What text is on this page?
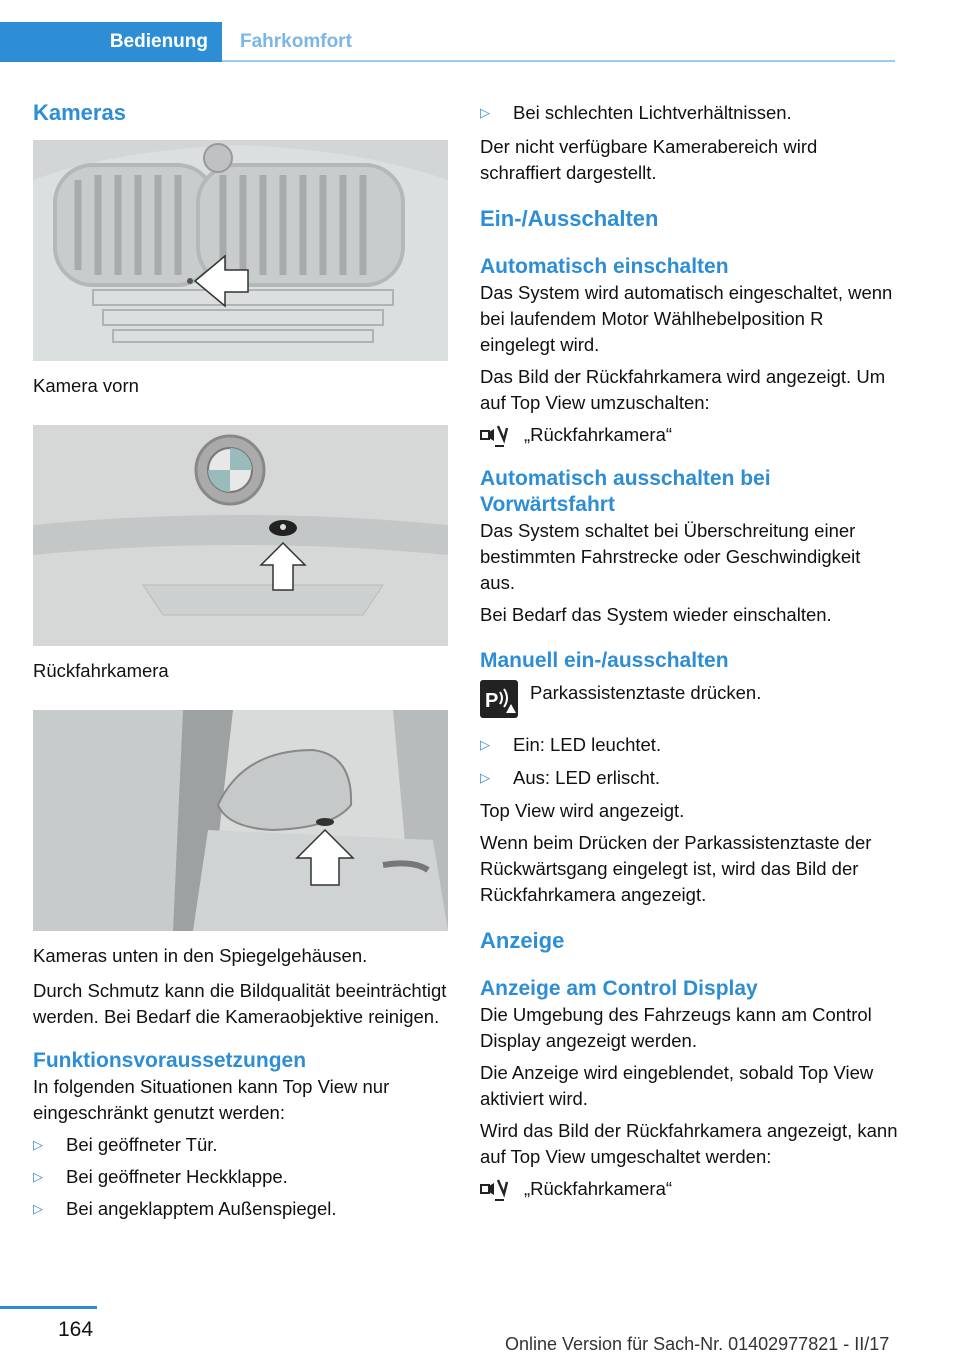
Bedienung	Fahrkomfort
Kameras
Kamera vorn
Rückfahrkamera
Kameras unten in den Spiegelgehäusen.

Durch Schmutz kann die Bildqualität beeinträchtigt werden. Bei Bedarf die Kameraobjektive reinigen.

Funktionsvoraussetzungen

In folgenden Situationen kann Top View nur eingeschränkt genutzt werden:

▷	Bei geöffneter Tür.
▷	Bei geöffneter Heckklappe.
▷	Bei angeklapptem Außenspiegel.
▷	Bei schlechten Lichtverhältnissen.

Der nicht verfügbare Kamerabereich wird schraffiert dargestellt.

Ein-/Ausschalten
Automatisch einschalten

Das System wird automatisch eingeschaltet, wenn bei laufendem Motor Wählhebelposition R eingelegt wird.

Das Bild der Rückfahrkamera wird angezeigt. Um auf Top View umzuschalten:

„Rückfahrkamera“
Automatisch ausschalten bei Vorwärtsfahrt

Das System schaltet bei Überschreitung einer bestimmten Fahrstrecke oder Geschwindigkeit aus.

Bei Bedarf das System wieder einschalten.

Manuell ein-/ausschalten
P Parkassistenztaste drücken.
▷	Ein: LED leuchtet.
▷	Aus: LED erlischt.

Top View wird angezeigt.

Wenn beim Drücken der Parkassistenztaste der Rückwärtsgang eingelegt ist, wird das Bild der Rückfahrkamera angezeigt.

Anzeige
Anzeige am Control Display

Die Umgebung des Fahrzeugs kann am Control Display angezeigt werden.

Die Anzeige wird eingeblendet, sobald Top View aktiviert wird.

Wird das Bild der Rückfahrkamera angezeigt, kann auf Top View umgeschaltet werden:

„Rückfahrkamera“
164
Online Version für Sach-Nr. 01402977821 - II/17
